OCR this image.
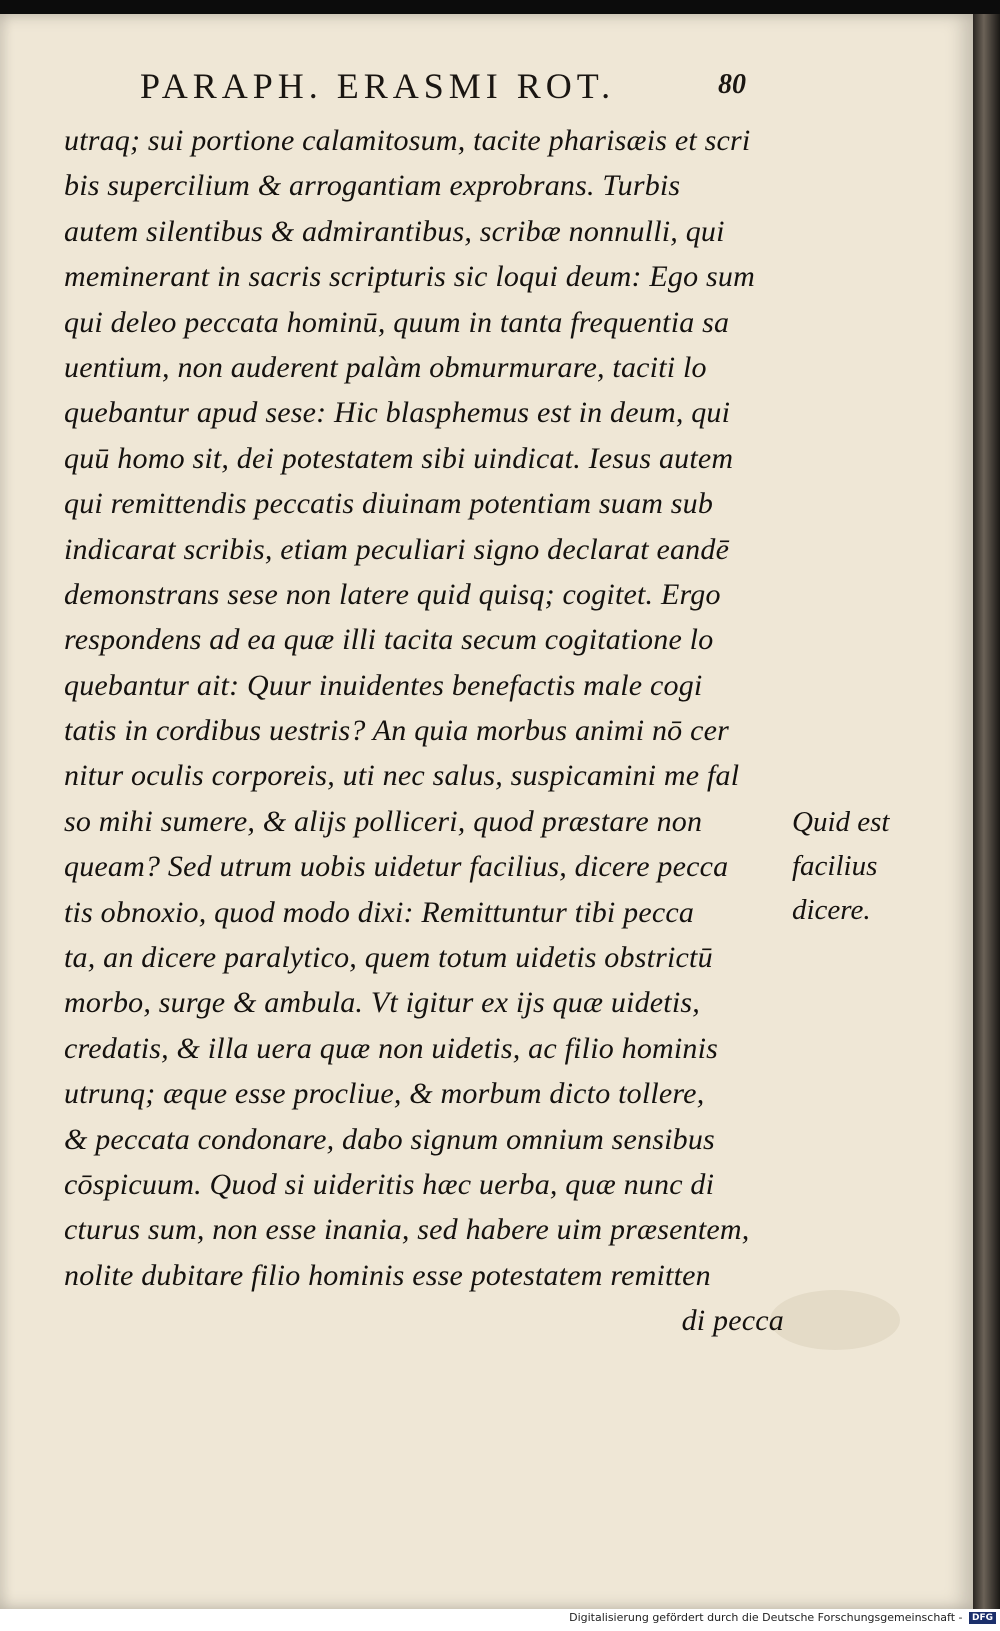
PARAPH. ERASMI ROT.	80
utraq; sui portione calamitosum, tacite pharisæis et scri
bis supercilium & arrogantiam exprobrans. Turbis
autem silentibus & admirantibus, scribæ nonnulli, qui
meminerant in sacris scripturis sic loqui deum: Ego sum
qui deleo peccata hominū, quum in tanta frequentia sa
uentium, non auderent palàm obmurmurare, taciti lo
quebantur apud sese: Hic blasphemus est in deum, qui
quū homo sit, dei potestatem sibi uindicat. Iesus autem
qui remittendis peccatis diuinam potentiam suam sub
indicarat scribis, etiam peculiari signo declarat eandē
demonstrans sese non latere quid quisq; cogitet. Ergo
respondens ad ea quæ illi tacita secum cogitatione lo
quebantur ait: Quur inuidentes benefactis male cogi
tatis in cordibus uestris? An quia morbus animi nō cer
nitur oculis corporeis, uti nec salus, suspicamini me fal
so mihi sumere, & alijs polliceri, quod præstare non
queam? Sed utrum uobis uidetur facilius, dicere pecca
tis obnoxio, quod modo dixi: Remittuntur tibi pecca
ta, an dicere paralytico, quem totum uidetis obstrictū
morbo, surge & ambula. Vt igitur ex ijs quæ uidetis,
credatis, & illa uera quæ non uidetis, ac filio hominis
utrunq; æque esse procliue, & morbum dicto tollere,
& peccata condonare, dabo signum omnium sensibus
cōspicuum. Quod si uideritis hæc uerba, quæ nunc di
cturus sum, non esse inania, sed habere uim præsentem,
nolite dubitare filio hominis esse potestatem remitten
di pecca
Quid est
facilius
dicere.
Digitalisierung gefördert durch die Deutsche Forschungsgemeinschaft - DFG
